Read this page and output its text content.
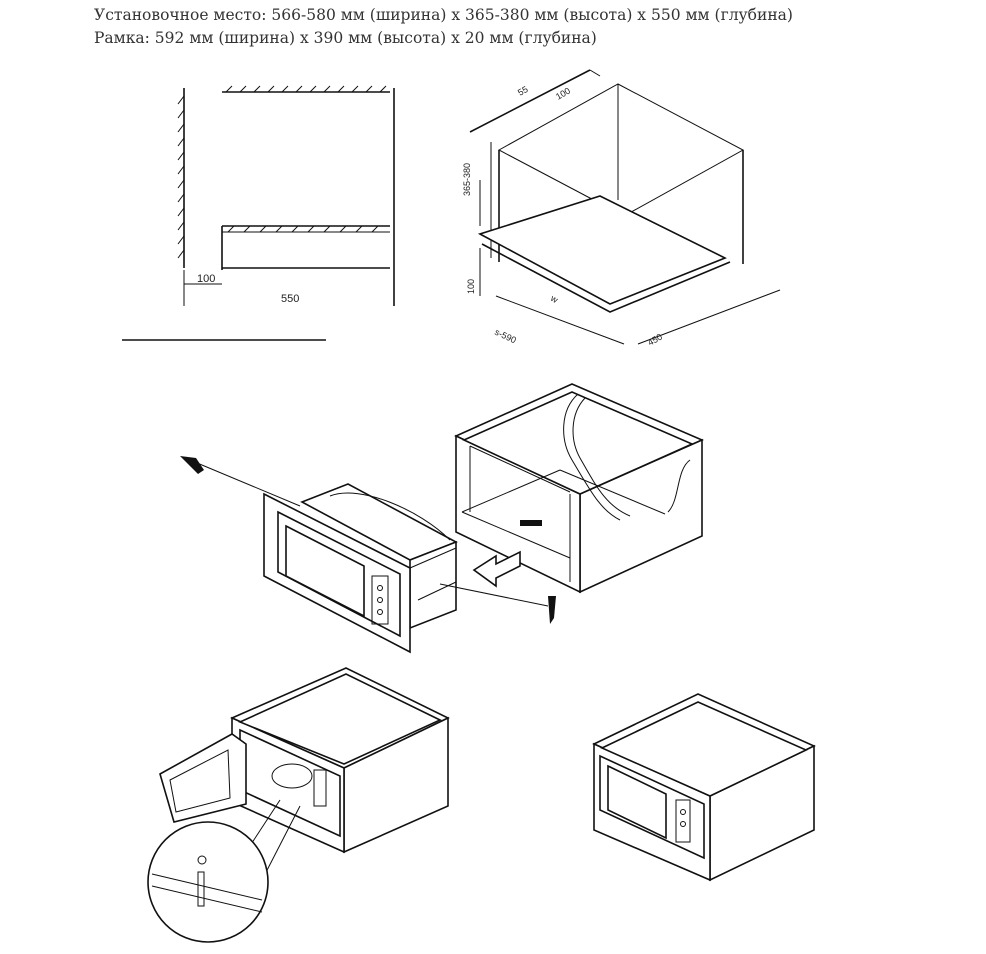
Установочное место: 566-580 мм (ширина) х 365-380 мм (высота) х 550 мм (глубина)
Рамка: 592 мм (ширина) х 390 мм (высота) х 20 мм (глубина)
100
550
55	100
365-380
100
w
s-590	450
